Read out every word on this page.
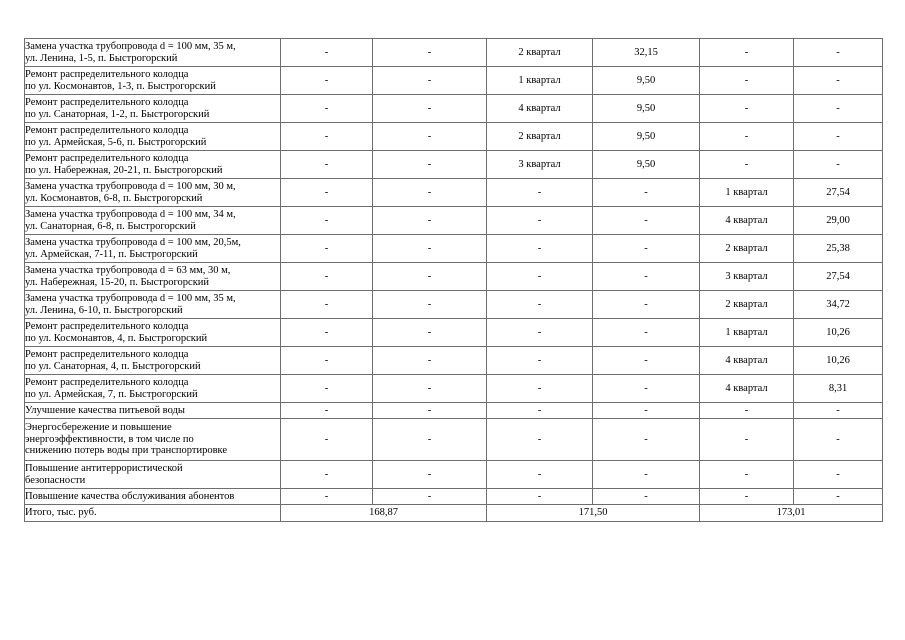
Замена участка трубопровода d = 100 мм, 35 м,
ул. Ленина, 1-5, п. Быстрогорский	-	-	2 квартал	32,15	-	-
Ремонт распределительного колодца
по ул. Космонавтов, 1-3, п. Быстрогорский	-	-	1 квартал	9,50	-	-
Ремонт распределительного колодца
по ул. Санаторная, 1-2, п. Быстрогорский	-	-	4 квартал	9,50	-	-
Ремонт распределительного колодца
по ул. Армейская, 5-6, п. Быстрогорский	-	-	2 квартал	9,50	-	-
Ремонт распределительного колодца
по ул. Набережная, 20-21, п. Быстрогорский	-	-	3 квартал	9,50	-	-
Замена участка трубопровода d = 100 мм, 30 м,
ул. Космонавтов, 6-8, п. Быстрогорский	-	-	-	-	1 квартал	27,54
Замена участка трубопровода d = 100 мм, 34 м,
ул. Санаторная, 6-8, п. Быстрогорский	-	-	-	-	4 квартал	29,00
Замена участка трубопровода d = 100 мм, 20,5м,
ул. Армейская, 7-11, п. Быстрогорский	-	-	-	-	2 квартал	25,38
Замена участка трубопровода d = 63 мм, 30 м,
ул. Набережная, 15-20, п. Быстрогорский	-	-	-	-	3 квартал	27,54
Замена участка трубопровода d = 100 мм, 35 м,
ул. Ленина, 6-10, п. Быстрогорский	-	-	-	-	2 квартал	34,72
Ремонт распределительного колодца
по ул. Космонавтов, 4, п. Быстрогорский	-	-	-	-	1 квартал	10,26
Ремонт распределительного колодца
по ул. Санаторная, 4, п. Быстрогорский	-	-	-	-	4 квартал	10,26
Ремонт распределительного колодца
по ул. Армейская, 7, п. Быстрогорский	-	-	-	-	4 квартал	8,31
Улучшение качества питьевой воды	-	-	-	-	-	-
Энергосбережение и повышение
энергоэффективности, в том числе по
снижению потерь воды при транспортировке	-	-	-	-	-	-
Повышение антитеррористической
безопасности	-	-	-	-	-	-
Повышение качества обслуживания абонентов	-	-	-	-	-	-
Итого, тыс. руб.	168,87		171,50		173,01	
